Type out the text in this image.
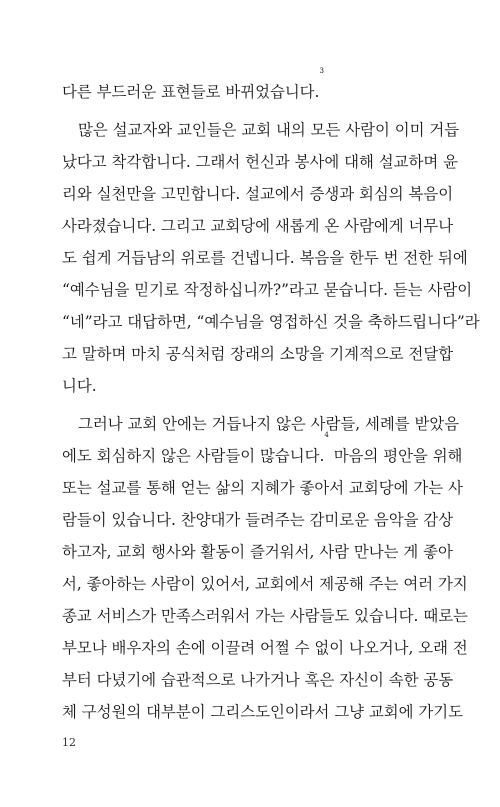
다른 부드러운 표현들로 바뀌었습니다.$^3$
많은 설교자와 교인들은 교회 내의 모든 사람이 이미 거듭
났다고 착각합니다. 그래서 헌신과 봉사에 대해 설교하며 윤
리와 실천만을 고민합니다. 설교에서 증생과 회심의 복음이
사라졌습니다. 그리고 교회당에 새롭게 온 사람에게 너무나
도 쉽게 거듭남의 위로를 건넵니다. 복음을 한두 번 전한 뒤에
“예수님을 믿기로 작정하십니까?”라고 묻습니다. 듣는 사람이
“네”라고 대답하면, “예수님을 영접하신 것을 축하드립니다”라
고 말하며 마치 공식처럼 장래의 소망을 기계적으로 전달합
니다.
그러나 교회 안에는 거듭나지 않은 사람들, 세례를 받았음
에도 회심하지 않은 사람들이 많습니다.$^4$ 마음의 평안을 위해
또는 설교를 통해 얻는 삶의 지혜가 좋아서 교회당에 가는 사
람들이 있습니다. 찬양대가 들려주는 감미로운 음악을 감상
하고자, 교회 행사와 활동이 즐거워서, 사람 만나는 게 좋아
서, 좋아하는 사람이 있어서, 교회에서 제공해 주는 여러 가지
종교 서비스가 만족스러워서 가는 사람들도 있습니다. 때로는
부모나 배우자의 손에 이끌려 어쩔 수 없이 나오거나, 오래 전
부터 다녔기에 습관적으로 나가거나 혹은 자신이 속한 공동
체 구성원의 대부분이 그리스도인이라서 그냥 교회에 가기도
12
